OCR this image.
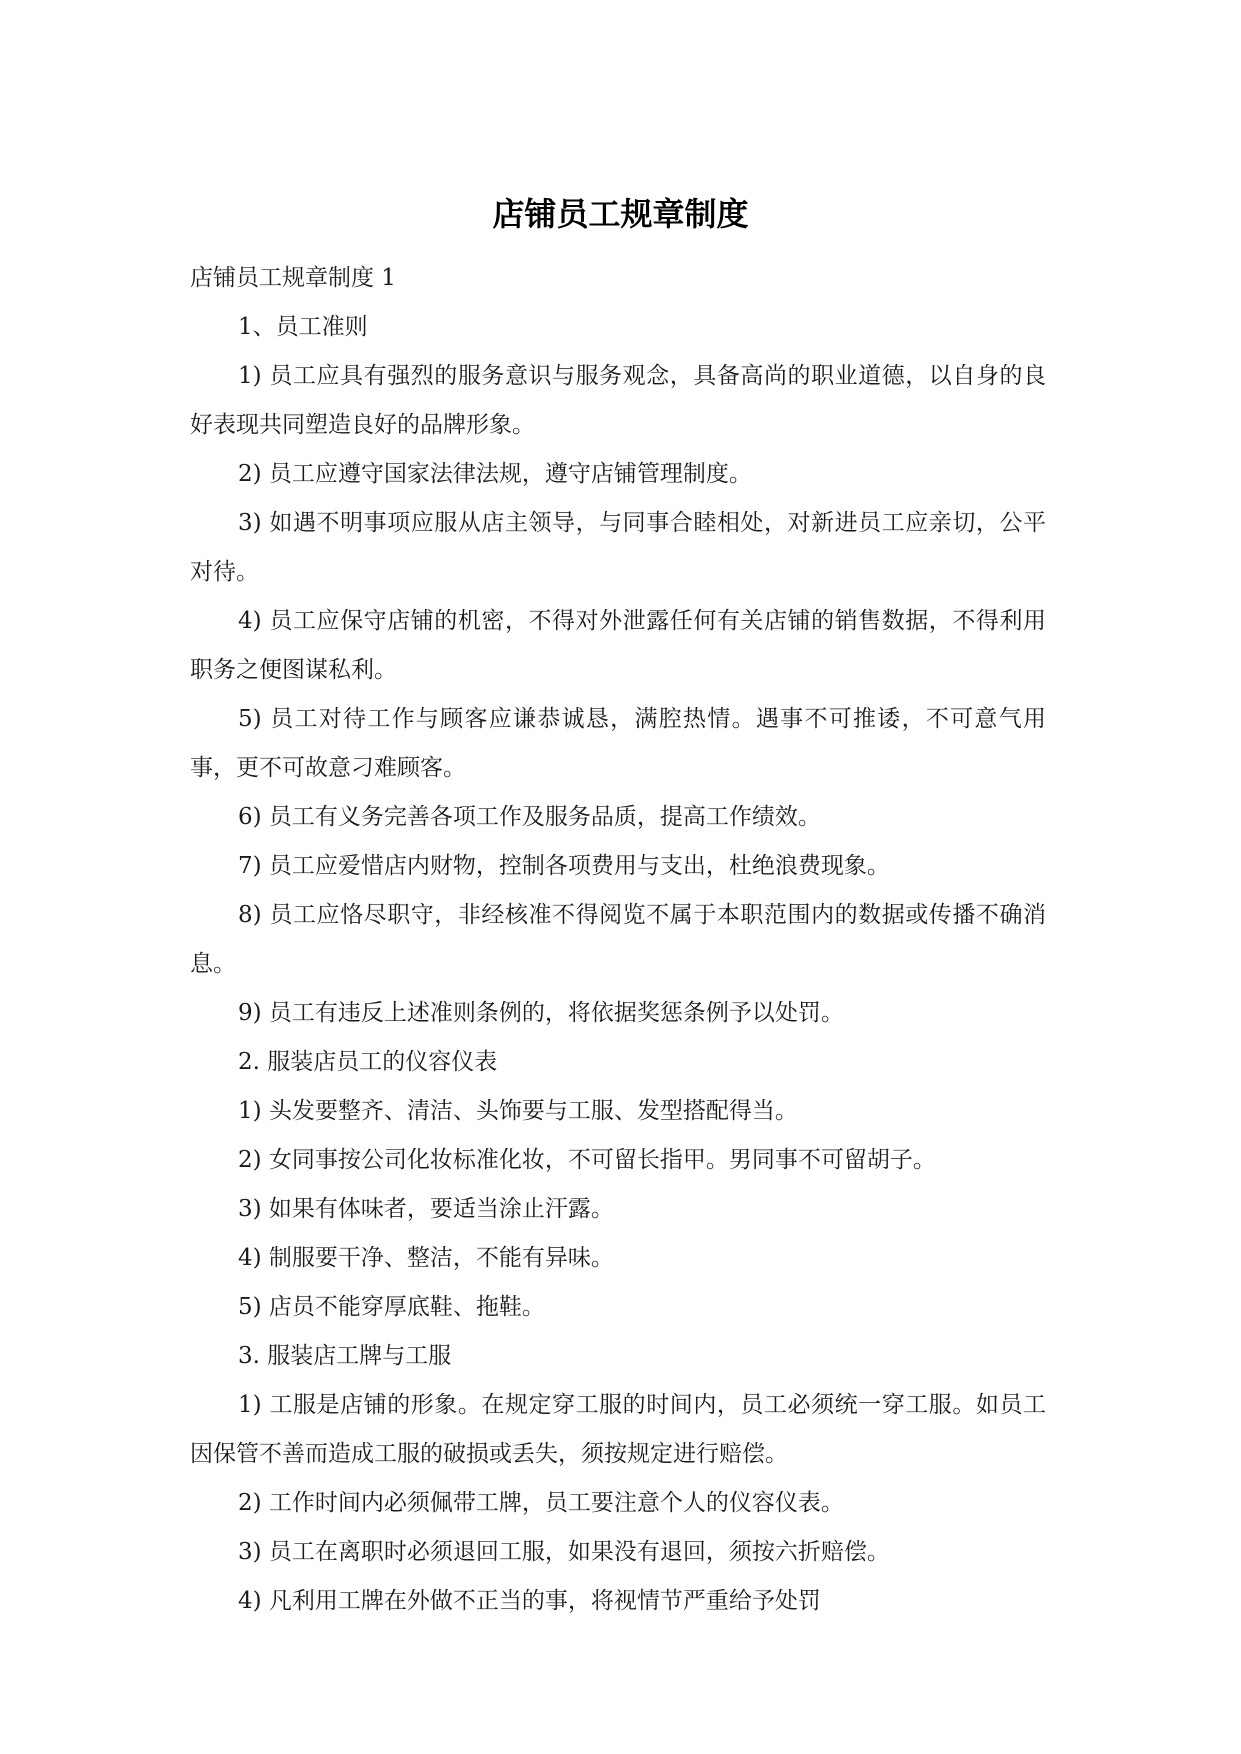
店铺员工规章制度

店铺员工规章制度 1

1、员工准则

1) 员工应具有强烈的服务意识与服务观念，具备高尚的职业道德，以自身的良好表现共同塑造良好的品牌形象。

2) 员工应遵守国家法律法规，遵守店铺管理制度。

3) 如遇不明事项应服从店主领导，与同事合睦相处，对新进员工应亲切，公平对待。

4) 员工应保守店铺的机密，不得对外泄露任何有关店铺的销售数据，不得利用职务之便图谋私利。

5) 员工对待工作与顾客应谦恭诚恳，满腔热情。遇事不可推诿，不可意气用事，更不可故意刁难顾客。

6) 员工有义务完善各项工作及服务品质，提高工作绩效。

7) 员工应爱惜店内财物，控制各项费用与支出，杜绝浪费现象。

8) 员工应恪尽职守，非经核准不得阅览不属于本职范围内的数据或传播不确消息。

9) 员工有违反上述准则条例的，将依据奖惩条例予以处罚。

2. 服装店员工的仪容仪表

1) 头发要整齐、清洁、头饰要与工服、发型搭配得当。

2) 女同事按公司化妆标准化妆，不可留长指甲。男同事不可留胡子。

3) 如果有体味者，要适当涂止汗露。

4) 制服要干净、整洁，不能有异味。

5) 店员不能穿厚底鞋、拖鞋。

3. 服装店工牌与工服

1) 工服是店铺的形象。在规定穿工服的时间内，员工必须统一穿工服。如员工因保管不善而造成工服的破损或丢失，须按规定进行赔偿。

2) 工作时间内必须佩带工牌，员工要注意个人的仪容仪表。

3) 员工在离职时必须退回工服，如果没有退回，须按六折赔偿。

4) 凡利用工牌在外做不正当的事，将视情节严重给予处罚
